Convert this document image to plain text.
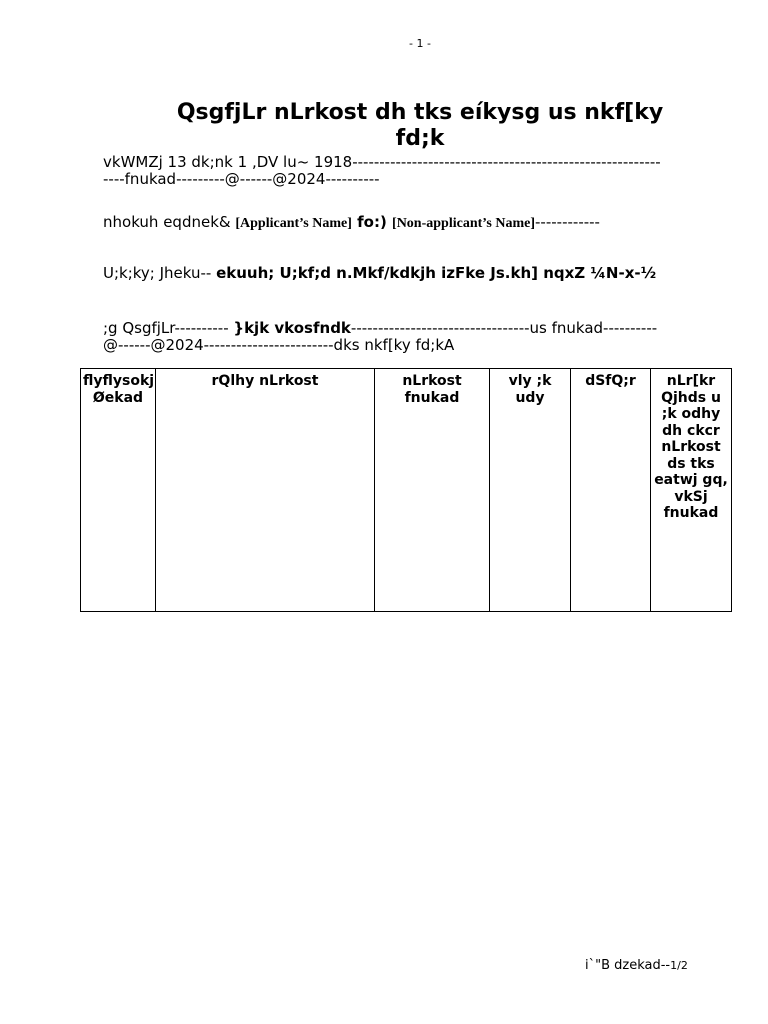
- 1 -
QsgfjLr nLrkost dh tks eíkysg us nkf[ky fd;k
vkWMZj 13 dk;nk 1 ,DV lu~ 1918-------------------------------------------------------------fnukad---------@------@2024----------
nhokuh eqdnek& [Applicant’s Name] fo:) [Non-applicant’s Name]------------
U;k;ky; Jheku-- ekuuh; U;kf;d n.Mkf/kdkjh izFke Js.kh] nqxZ ¼N-x-½
;g QsgfjLr---------- }kjk vkosfndk---------------------------------us fnukad----------@------@2024------------------------dks nkf[ky fd;kA
flyflysokj Øekad	rQlhy nLrkost	nLrkost fnukad	vly ;k udy	dSfQ;r	nLr[kr Qjhds u ;k odhy dh ckcr nLrkost ds tks eatwj gq, vkSj fnukad
i`"B dzekad--1/2
